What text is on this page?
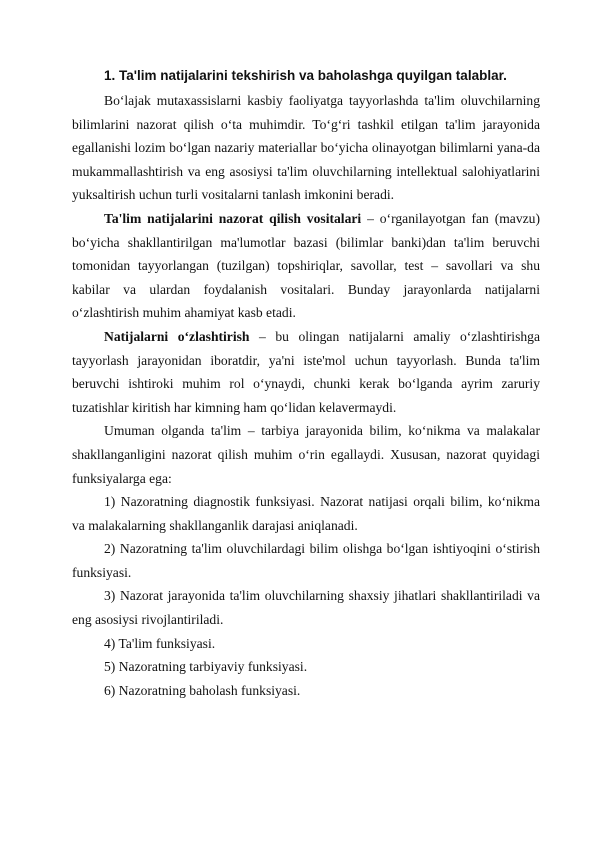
1. Ta'lim natijalarini tekshirish va baholashga quyilgan talablar.

Bo‘lajak mutaxassislarni kasbiy faoliyatga tayyorlashda ta'lim oluvchilarning bilimlarini nazorat qilish o‘ta muhimdir. To‘g‘ri tashkil etilgan ta'lim jarayonida egallanishi lozim bo‘lgan nazariy materiallar bo‘yicha olinayotgan bilimlarni yana-da mukammallashtirish va eng asosiysi ta'lim oluvchilarning intellektual salohiyatlarini yuksaltirish uchun turli vositalarni tanlash imkonini beradi.

Ta'lim natijalarini nazorat qilish vositalari – o‘rganilayotgan fan (mavzu) bo‘yicha shakllantirilgan ma'lumotlar bazasi (bilimlar banki)dan ta'lim beruvchi tomonidan tayyorlangan (tuzilgan) topshiriqlar, savollar, test – savollari va shu kabilar va ulardan foydalanish vositalari. Bunday jarayonlarda natijalarni o‘zlashtirish muhim ahamiyat kasb etadi.

Natijalarni o‘zlashtirish – bu olingan natijalarni amaliy o‘zlashtirishga tayyorlash jarayonidan iboratdir, ya'ni iste'mol uchun tayyorlash. Bunda ta'lim beruvchi ishtiroki muhim rol o‘ynaydi, chunki kerak bo‘lganda ayrim zaruriy tuzatishlar kiritish har kimning ham qo‘lidan kelavermaydi.

Umuman olganda ta'lim – tarbiya jarayonida bilim, ko‘nikma va malakalar shakllanganligini nazorat qilish muhim o‘rin egallaydi. Xususan, nazorat quyidagi funksiyalarga ega:

1) Nazoratning diagnostik funksiyasi. Nazorat natijasi orqali bilim, ko‘nikma va malakalarning shakllanganlik darajasi aniqlanadi.

2) Nazoratning ta'lim oluvchilardagi bilim olishga bo‘lgan ishtiyoqini o‘stirish funksiyasi.

3) Nazorat jarayonida ta'lim oluvchilarning shaxsiy jihatlari shakllantiriladi va eng asosiysi rivojlantiriladi.

4) Ta'lim funksiyasi.

5) Nazoratning tarbiyaviy funksiyasi.

6) Nazoratning baholash funksiyasi.
